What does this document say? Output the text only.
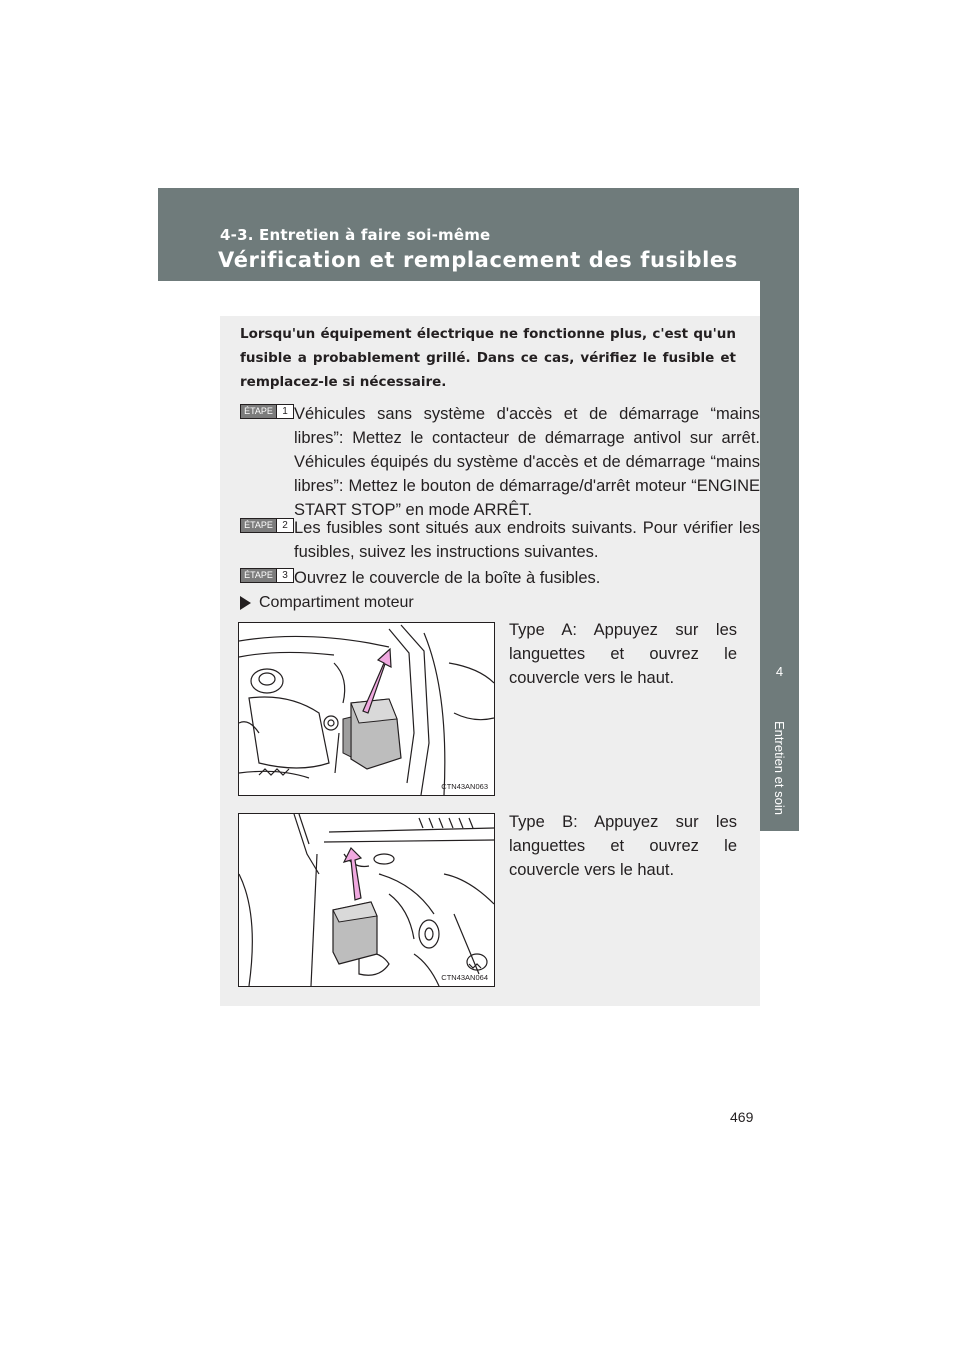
4-3. Entretien à faire soi-même
Vérification et remplacement des fusibles
4
Entretien et soin
Lorsqu'un équipement électrique ne fonctionne plus, c'est qu'un fusible a probablement grillé. Dans ce cas, vérifiez le fusible et remplacez-le si nécessaire.
ÉTAPE 1 Véhicules sans système d'accès et de démarrage “mains libres”: Mettez le contacteur de démarrage antivol sur arrêt. Véhicules équipés du système d'accès et de démarrage “mains libres”: Mettez le bouton de démarrage/d'arrêt moteur “ENGINE START STOP” en mode ARRÊT.
ÉTAPE 2 Les fusibles sont situés aux endroits suivants. Pour vérifier les fusibles, suivez les instructions suivantes.
ÉTAPE 3 Ouvrez le couvercle de la boîte à fusibles.
Compartiment moteur
CTN43AN063
Type A: Appuyez sur les languettes et ouvrez le couvercle vers le haut.
CTN43AN064
Type B: Appuyez sur les languettes et ouvrez le couvercle vers le haut.
469
